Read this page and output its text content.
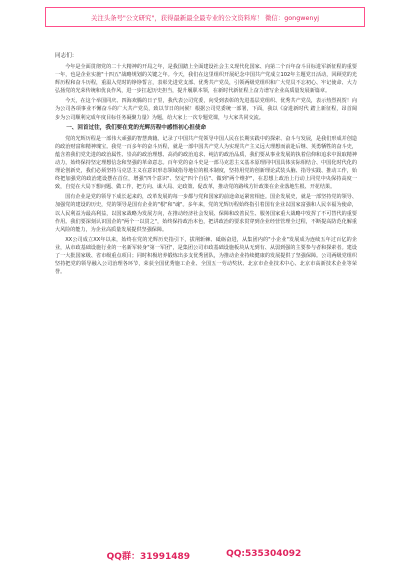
关注头条号"公文研究"，获得最新最全最专业的公文资料库！ 微信：gongwenyj

同志们：

今年是全面贯彻党的二十大精神的开局之年，是我国踏上全面建设社会主义现代化国家、向第二个百年奋斗目标进军新征程的重要一年，也是企业实施"十四五"战略规划的关键之年。今天，我们在这里组织开展纪念中国共产党成立102年主题党日活动，回顾党的光辉历程和奋斗历程，重温入党时的铮铮誓言，表彰先进党支部、优秀共产党员，引领两级党组织和广大党员不忘初心、牢记使命、大力弘扬党的光荣传统和优良作风，进一步扛起历史担当，提升履职本领，在新时代新征程上奋力谱写企业高质量发展新篇章。

今天，在这个举国同庆、四海欢腾的日子里，我代表公司党委，向受到表彰的先进基层党组织、优秀共产党员，表示热烈祝贺！向为公司各项事业不懈奋斗的广大共产党员，致以节日的问候！根据公司党委统一部署，下面，我以《奋进新时代 踏上新征程，昂首阔步为公司顺利完成年度目标任务凝聚力量》为题，给大家上一次专题党课，与大家共同交流。

一、回首过往，我们要在党的光辉历程中感悟初心担使命

党的光辉历程是一部伟大顽强的智慧典籍。记录了中国共产党领导中国人民在长期实践中的探索、奋斗与发展，是我们形成并创造的政治财富和精神瑰宝。我党一百多年的奋斗历程，就是一部中国共产党人为实现共产主义远大理想而前赴后继、英勇牺牲的奋斗史，蕴含着我们党先进的政治属性、崇高的政治理想、高尚的政治追求、纯洁的政治品质，我们要从事业发展的执着信仰和追求中汲取精神动力，始终保持坚定理想信念和坚强的革命意志。百年党的奋斗史是一部马克思主义基本原理同中国具体实际相结合、中国化时代化的理论创新史，我们必须坚持马克思主义在意识形态领域指导地位的根本制度，坚持用党的创新理论武装头脑、指导实践、推动工作，始终把加强党的政治建设摆在首位，增强"四个意识"、坚定"四个自信"、做到"两个维护"，在思想上政治上行动上同党中央保持高度一致，自觉在大局下想问题、做工作，把方向、谋大局、定政策、促改革，推动党的路线方针政策在企业落地生根、开花结果。

国有企业是党的领导下成长起来的，改革发展的每一步都与党和国家的前途命运紧密相连。国企发展史，就是一部坚持党的领导、加强党的建设的历史，党的领导是国有企业的"根"和"魂"。多年来，党的光辉历程始终指引着国有企业以国家富强和人民幸福为使命，以人民利益为最高利益，以国家战略为发展方向，在推动经济社会发展、保障和改善民生、服务国家重大战略中发挥了不可替代的重要作用。我们要深刻认识国企的"两个一以贯之"，始终保持政治本色，把讲政治的要求贯穿到企业经营管理全过程，不断提高防范化解重大风险的能力，为企业高质量发展提供坚强保障。

XX公司成立XX年以来，始终在党的光辉历史指引下，拔荆斩棘、砥砺奋进，从集团内的"小企业"发展成为连续五年过百亿的企业，从市政基础设施行业的一名新军转身"第一军团"，是集团公司市政基础设施板块从无到有、从弱到强的主要参与者和探索者。建设了一大批国家级、省市级重点项目；同时积极培养锻炼出多支优秀团队，为推动企业持续健康的发展提供了坚强保障。公司两级党组织坚持把党的领导融入公司治理各环节，荣获全国优秀施工企业、全国五一劳动奖状、北京市企业技术中心、北京市高新技术企业等荣誉。

QQ群：31991489	QQ:535304092
